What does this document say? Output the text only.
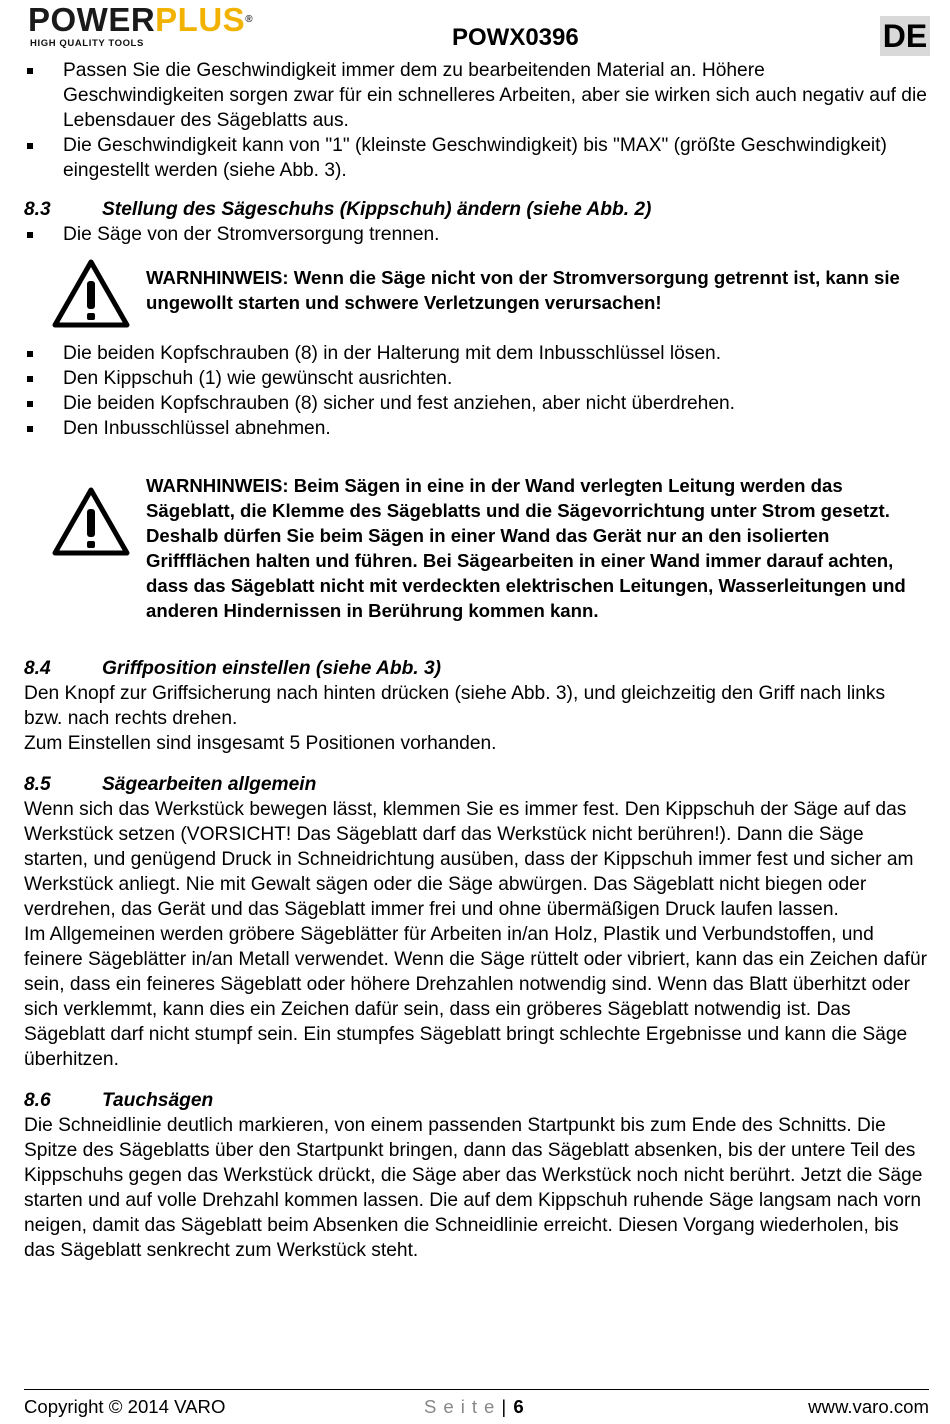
POWERPLUS®
HIGH QUALITY TOOLS	POWX0396	DE
Passen Sie die Geschwindigkeit immer dem zu bearbeitenden Material an. Höhere Geschwindigkeiten sorgen zwar für ein schnelleres Arbeiten, aber sie wirken sich auch negativ auf die Lebensdauer des Sägeblatts aus.
Die Geschwindigkeit kann von "1" (kleinste Geschwindigkeit) bis "MAX" (größte Geschwindigkeit) eingestellt werden (siehe Abb. 3).
8.3	Stellung des Sägeschuhs (Kippschuh) ändern (siehe Abb. 2)
Die Säge von der Stromversorgung trennen.

WARNHINWEIS: Wenn die Säge nicht von der Stromversorgung getrennt ist, kann sie ungewollt starten und schwere Verletzungen verursachen!

Die beiden Kopfschrauben (8) in der Halterung mit dem Inbusschlüssel lösen.
Den Kippschuh (1) wie gewünscht ausrichten.
Die beiden Kopfschrauben (8) sicher und fest anziehen, aber nicht überdrehen.
Den Inbusschlüssel abnehmen.

WARNHINWEIS: Beim Sägen in eine in der Wand verlegten Leitung werden das Sägeblatt, die Klemme des Sägeblatts und die Sägevorrichtung unter Strom gesetzt. Deshalb dürfen Sie beim Sägen in einer Wand das Gerät nur an den isolierten Griffflächen halten und führen. Bei Sägearbeiten in einer Wand immer darauf achten, dass das Sägeblatt nicht mit verdeckten elektrischen Leitungen, Wasserleitungen und anderen Hindernissen in Berührung kommen kann.

8.4	Griffposition einstellen (siehe Abb. 3)

Den Knopf zur Griffsicherung nach hinten drücken (siehe Abb. 3), und gleichzeitig den Griff nach links bzw. nach rechts drehen.

Zum Einstellen sind insgesamt 5 Positionen vorhanden.

8.5	Sägearbeiten allgemein

Wenn sich das Werkstück bewegen lässt, klemmen Sie es immer fest. Den Kippschuh der Säge auf das Werkstück setzen (VORSICHT! Das Sägeblatt darf das Werkstück nicht berühren!). Dann die Säge starten, und genügend Druck in Schneidrichtung ausüben, dass der Kippschuh immer fest und sicher am Werkstück anliegt. Nie mit Gewalt sägen oder die Säge abwürgen. Das Sägeblatt nicht biegen oder verdrehen, das Gerät und das Sägeblatt immer frei und ohne übermäßigen Druck laufen lassen.

Im Allgemeinen werden gröbere Sägeblätter für Arbeiten in/an Holz, Plastik und Verbundstoffen, und feinere Sägeblätter in/an Metall verwendet. Wenn die Säge rüttelt oder vibriert, kann das ein Zeichen dafür sein, dass ein feineres Sägeblatt oder höhere Drehzahlen notwendig sind. Wenn das Blatt überhitzt oder sich verklemmt, kann dies ein Zeichen dafür sein, dass ein gröberes Sägeblatt notwendig ist. Das Sägeblatt darf nicht stumpf sein. Ein stumpfes Sägeblatt bringt schlechte Ergebnisse und kann die Säge überhitzen.

8.6	Tauchsägen

Die Schneidlinie deutlich markieren, von einem passenden Startpunkt bis zum Ende des Schnitts. Die Spitze des Sägeblatts über den Startpunkt bringen, dann das Sägeblatt absenken, bis der untere Teil des Kippschuhs gegen das Werkstück drückt, die Säge aber das Werkstück noch nicht berührt. Jetzt die Säge starten und auf volle Drehzahl kommen lassen. Die auf dem Kippschuh ruhende Säge langsam nach vorn neigen, damit das Sägeblatt beim Absenken die Schneidlinie erreicht. Diesen Vorgang wiederholen, bis das Sägeblatt senkrecht zum Werkstück steht.

Copyright © 2014 VARO	Seite| 6	www.varo.com
